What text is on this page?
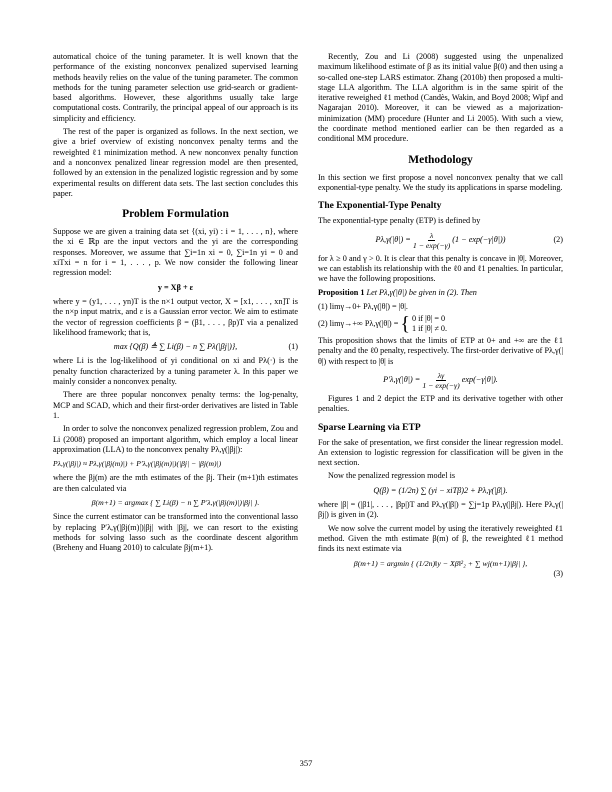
automatical choice of the tuning parameter. It is well known that the performance of the existing nonconvex penalized supervised learning methods heavily relies on the value of the tuning parameter. The common methods for the tuning parameter selection use grid-search or gradient-based algorithms. However, these algorithms usually take large computational costs. Contrarily, the principal appeal of our approach is its simplicity and efficiency.

The rest of the paper is organized as follows. In the next section, we give a brief overview of existing nonconvex penalty terms and the reweighted ℓ1 minimization method. A new nonconvex penalty function and a nonconvex penalized linear regression model are then presented, followed by an extension in the penalized logistic regression and by some experimental results on different data sets. The last section concludes this paper.

Problem Formulation

Suppose we are given a training data set {(xi, yi) : i = 1, . . . , n}, where the xi ∈ ℝp are the input vectors and the yi are the corresponding responses. Moreover, we assume that ∑i=1n xi = 0, ∑i=1n yi = 0 and xiTxi = n for i = 1, . . . , p. We now consider the following linear regression model:

y = Xβ + ε

where y = (y1, . . . , yn)T is the n×1 output vector, X = [x1, . . . , xn]T is the n×p input matrix, and ε is a Gaussian error vector. We aim to estimate the vector of regression coefficients β = (β1, . . . , βp)T via a penalized likelihood framework; that is,

max {Q(β) ≜ ∑ Li(β) − n ∑ Pλ(|βj|)},	(1)

where Li is the log-likelihood of yi conditional on xi and Pλ(·) is the penalty function characterized by a tuning parameter λ. In this paper we mainly consider a nonconvex penalty.

There are three popular nonconvex penalty terms: the log-penalty, MCP and SCAD, which and their first-order derivatives are listed in Table 1.

In order to solve the nonconvex penalized regression problem, Zou and Li (2008) proposed an important algorithm, which employ a local linear approximation (LLA) to the nonconvex penalty Pλ,γ(|βj|):

Pλ,γ(|βj|) ≈ Pλ,γ(|βj(m)|) + P′λ,γ(|βj(m)|)(|βj| − |βj(m)|)

where the βj(m) are the mth estimates of the βj. Their (m+1)th estimates are then calculated via

β(m+1) = argmax { ∑ Li(β) − n ∑ P′λ,γ(|βj(m)|)|βj| }.

Since the current estimator can be transformed into the conventional lasso by replacing P′λ,γ(|βj(m)|)|βj| with |βj|, we can resort to the existing methods for solving lasso such as the coordinate descent algorithm (Breheny and Huang 2010) to calculate βj(m+1).

Recently, Zou and Li (2008) suggested using the unpenalized maximum likelihood estimate of β as its initial value β(0) and then using a so-called one-step LARS estimator. Zhang (2010b) then proposed a multi-stage LLA algorithm. The LLA algorithm is in the same spirit of the iterative reweighed ℓ1 method (Candès, Wakin, and Boyd 2008; Wipf and Nagarajan 2010). Moreover, it can be viewed as a majorization-minimization (MM) procedure (Hunter and Li 2005). With such a view, the coordinate method mentioned earlier can be then regarded as a conditional MM procedure.

Methodology

In this section we first propose a novel nonconvex penalty that we call exponential-type penalty. We the study its applications in sparse modeling.

The Exponential-Type Penalty

The exponential-type penalty (ETP) is defined by

$P\lambda,\gamma(|\theta|) = \frac{\lambda}{1 - \exp(-\gamma)} (1 - \exp(-\gamma|\theta|))$	(2)

for λ ≥ 0 and γ > 0. It is clear that this penalty is concave in |θ|. Moreover, we can establish its relationship with the ℓ0 and ℓ1 penalties. In particular, we have the following propositions.

Proposition 1 Let Pλ,γ(|θ|) be given in (2). Then

(1) limγ→0+ Pλ,γ(|θ|) = |θ|.
(2) limγ→+∞ Pλ,γ(|θ|) = { 0 if |θ| = 0
1 if |θ| ≠ 0.

This proposition shows that the limits of ETP at 0+ and +∞ are the ℓ1 penalty and the ℓ0 penalty, respectively. The first-order derivative of Pλ,γ(|θ|) with respect to |θ| is

$P'\lambda,\gamma(|\theta|) = \frac{\lambda\gamma}{1 - \exp(-\gamma)} \exp(-\gamma|\theta|)$.

Figures 1 and 2 depict the ETP and its derivative together with other penalties.

Sparse Learning via ETP

For the sake of presentation, we first consider the linear regression model. An extension to logistic regression for classification will be given in the next section.

Now the penalized regression model is

Q(β) = (1/2n) ∑ (yi − xiTβ)2 + Pλ,γ(|β|).

where |β| = (|β1|, . . . , |βp|)T and Pλ,γ(|β|) = ∑j=1p Pλ,γ(|βj|). Here Pλ,γ(|βj|) is given in (2).

We now solve the current model by using the iteratively reweighted ℓ1 method. Given the mth estimate β(m) of β, the reweighted ℓ1 method finds its next estimate via

β(m+1) = argmin { (1/2n)‖y − Xβ‖²₂ + ∑ wj(m+1)|βj| },
(3)
357
